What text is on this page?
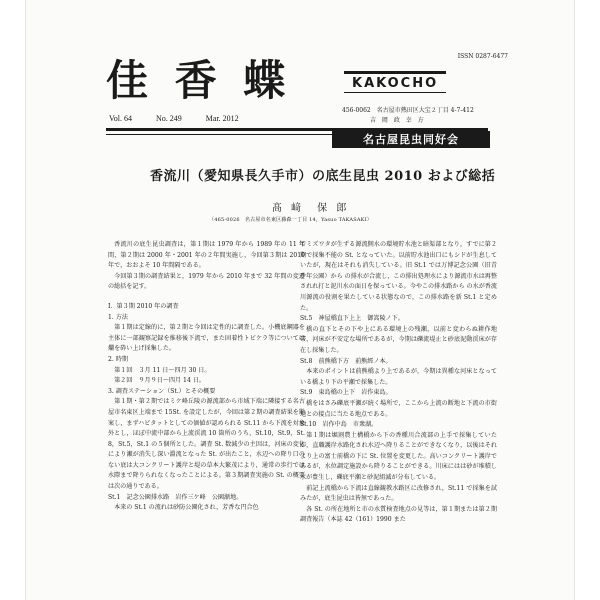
ISSN 0287-6477
佳 香 蝶	KAKOCHO
456-0062　名古屋市熱田区大宝２丁目 4-7-412
吉 岡 政 幸 方
Vol. 64	No. 249	Mar. 2012
名古屋昆虫同好会
香流川（愛知県長久手市）の底生昆虫 2010 および総括
髙 﨑　保 郎
（465-0026　名古屋市名東区藤森一丁目 14，Yasuo TAKASAKI）

香流川の底生昆虫調査は，第１期は 1979 年から 1989 年の 11 年間，第２期は 2000 年・2001 年の２年間実施し，今回第３期は 2010 年で，おおよそ 10 年間隔である。

今回第３期の調査結果と，1979 年から 2010 年まで 32 年間の変遷の総括を記す。

Ⅰ．第３期 2010 年の調査

1. 方法

第１期は定線的に，第２期と今回は定性的に調査した。小機底鋼器を主体に一部観察記録を推移後下流で，また固着性トビケラ等については爛を砕い上げ採集した。

2. 時期

第１回　３月 11 日〜四月 30 日。

第２回　９月９日〜四月 14 日。

3. 調査ステーション（St.）とその概要

第１期・第２期ではミケ峰丘陵の源流部から市域下端に隣接する名古屋市名東区上端まで 15St. を設定したが，今回は第２期の調査結果を勘案し，まずハビタットとしての価値が認められる St.11 から下流を対象外とし，ほぼ中流中部から上流渓流 10 箇所のうち，St.10，St.9，St.8，St.5，St.1 の５個所とした。調査 St. 数減少の主因は，河床の変化により瀬が消失し深い淵流となった St. が出たこと，水辺への降り口のない底は大コンクリート護岸と堤の草本大繁茂により，通常の歩行では水際まで降りられなくなったことによる。第３期調査実施の St. の概要は次の通りである。

St.1　記念公園排水路　岩作三ケ峰　公園漸地。

本来の St.1 の流れは砂防公園化され，芳香な円合色

でミズワタが生ずる源流側水の環境貯水池と暗渠部となり，すでに第２期で採集不能の St. となっていた。以前貯水池出口にもシドが生息していたが，現在はそれも消失している。旧 St.1 では万博記念公園（旧青少年公園）から の排水が合流し，この排出処理水により源流市水は再整されれ打と泥川水の面日を保っている。今やこの排水路から の水が香流川源流の役割を果たしている状態なので，この排水路を新 St.1 と定めた。

St.5　神屋橋直下上上　御嵩陵ノ下。

橋の直下とその下や上にある環境上の残瀬，以前と変わらぬ耕作地帯，河床が不安定な場所であるが，今期は礫流堤止と砂底泥動渓床が存在し採集した。

St.8　前熊橋下方　前熊經ノ本。

本来のポイントは前熊橋より上であるが，今期は異種な河床となっている橋より下の平瀬で採集した。

St.9　東島橋の上下　岩作東島。

橋をはさみ礫底平瀬が続く場所で，ここから上流の断地と下流の市街地との接点に当たる地点である。

St.10　岩作中島　市衆湖。

第１期は堀割農土構橋から下の香種川合流部の上手で採集していたが，直職護岸水路化され水辺へ降りることができなくなり，以後はそれより上の富士前橋の下に St. 位置を変更した。高いコンクリート護岸であるが，水位調定施設から降りることができる。川床にはは砂が堆積し水が豊生し，礫底平瀬と砂泥組滅が分布している。

前記上流橋から下流は直線観教水路区に改修され，St.11 で採集を試みたが，底生昆虫は皆無であった。

各 St. の所在地所と市の水質検査地点の見等は，第１期または第２期調査報告（本誌 42（161）1990 また
